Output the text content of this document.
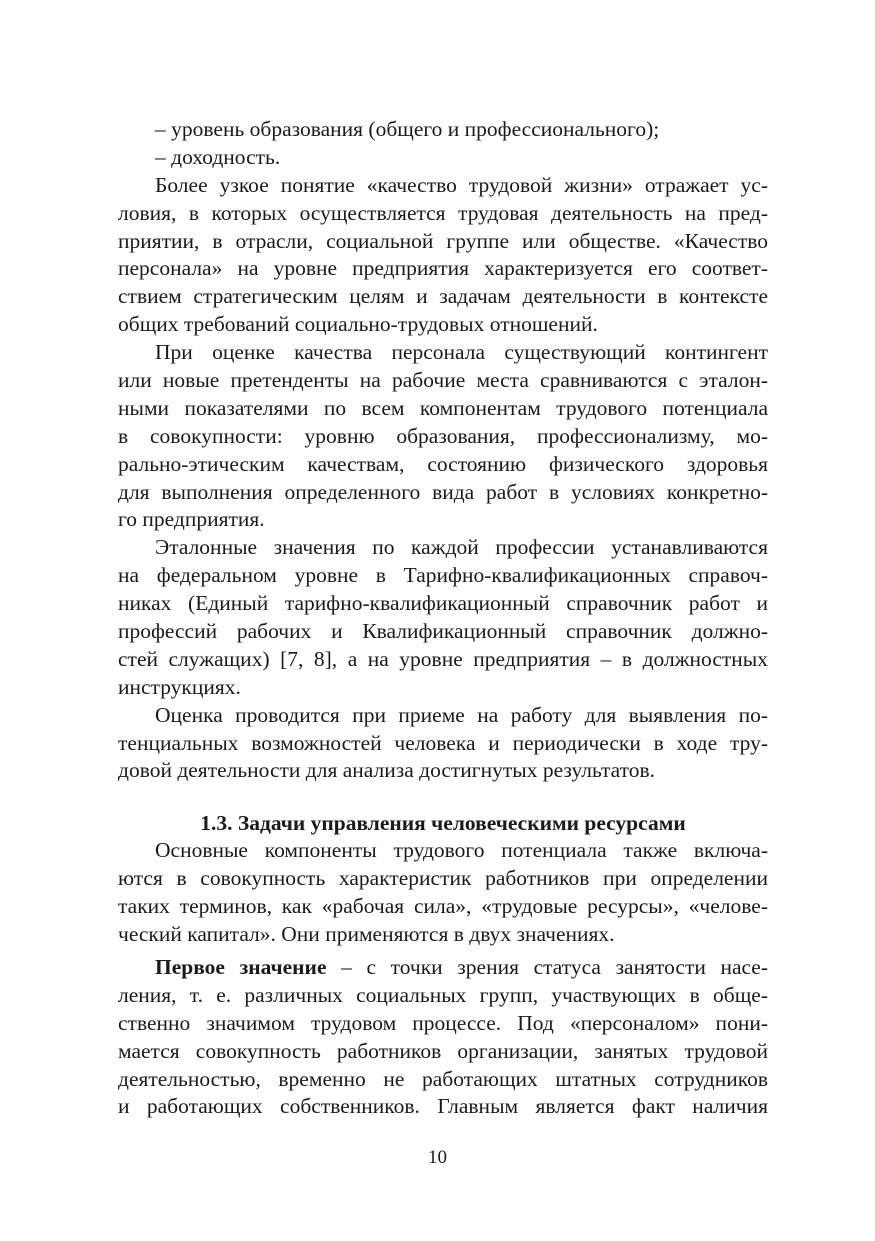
– уровень образования (общего и профессионального);
– доходность.
Более узкое понятие «качество трудовой жизни» отражает ус-
ловия, в которых осуществляется трудовая деятельность на пред-
приятии, в отрасли, социальной группе или обществе. «Качество
персонала» на уровне предприятия характеризуется его соответ-
ствием стратегическим целям и задачам деятельности в контексте
общих требований социально-трудовых отношений.
При оценке качества персонала существующий контингент
или новые претенденты на рабочие места сравниваются с эталон-
ными показателями по всем компонентам трудового потенциала
в совокупности: уровню образования, профессионализму, мо-
рально-этическим качествам, состоянию физического здоровья
для выполнения определенного вида работ в условиях конкретно-
го предприятия.
Эталонные значения по каждой профессии устанавливаются
на федеральном уровне в Тарифно-квалификационных справоч-
никах (Единый тарифно-квалификационный справочник работ и
профессий рабочих и Квалификационный справочник должно-
стей служащих) [7, 8], а на уровне предприятия – в должностных
инструкциях.
Оценка проводится при приеме на работу для выявления по-
тенциальных возможностей человека и периодически в ходе тру-
довой деятельности для анализа достигнутых результатов.
1.3. Задачи управления человеческими ресурсами
Основные компоненты трудового потенциала также включа-
ются в совокупность характеристик работников при определении
таких терминов, как «рабочая сила», «трудовые ресурсы», «челове-
ческий капитал». Они применяются в двух значениях.
Первое значение – с точки зрения статуса занятости насе-
ления, т. е. различных социальных групп, участвующих в обще-
ственно значимом трудовом процессе. Под «персоналом» пони-
мается совокупность работников организации, занятых трудовой
деятельностью, временно не работающих штатных сотрудников
и работающих собственников. Главным является факт наличия
10
